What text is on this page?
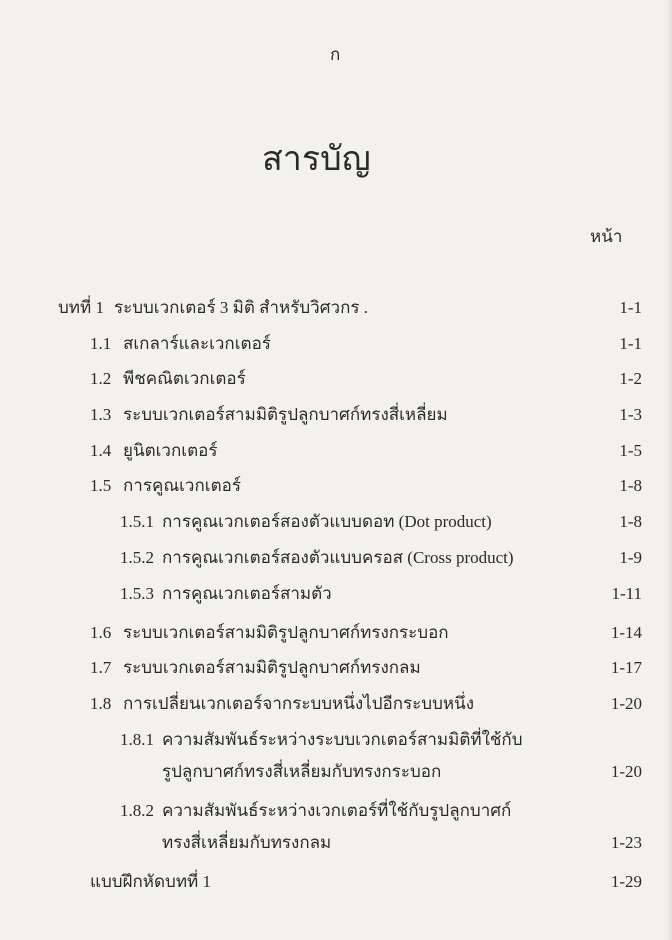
ก
สารบัญ
หน้า
บทที่ 1 ระบบเวกเตอร์ 3 มิติ สำหรับวิศวกร .	1-1
1.1 สเกลาร์และเวกเตอร์	1-1
1.2 พีชคณิตเวกเตอร์	1-2
1.3 ระบบเวกเตอร์สามมิติรูปลูกบาศก์ทรงสี่เหลี่ยม	1-3
1.4 ยูนิตเวกเตอร์	1-5
1.5 การคูณเวกเตอร์	1-8
1.5.1 การคูณเวกเตอร์สองตัวแบบดอท (Dot product)	1-8
1.5.2 การคูณเวกเตอร์สองตัวแบบครอส (Cross product)	1-9
1.5.3 การคูณเวกเตอร์สามตัว	1-11
1.6 ระบบเวกเตอร์สามมิติรูปลูกบาศก์ทรงกระบอก	1-14
1.7 ระบบเวกเตอร์สามมิติรูปลูกบาศก์ทรงกลม	1-17
1.8 การเปลี่ยนเวกเตอร์จากระบบหนึ่งไปอีกระบบหนึ่ง	1-20
1.8.1 ความสัมพันธ์ระหว่างระบบเวกเตอร์สามมิติที่ใช้กับ
รูปลูกบาศก์ทรงสี่เหลี่ยมกับทรงกระบอก	1-20
1.8.2 ความสัมพันธ์ระหว่างเวกเตอร์ที่ใช้กับรูปลูกบาศก์
ทรงสี่เหลี่ยมกับทรงกลม	1-23
แบบฝึกหัดบทที่ 1	1-29
